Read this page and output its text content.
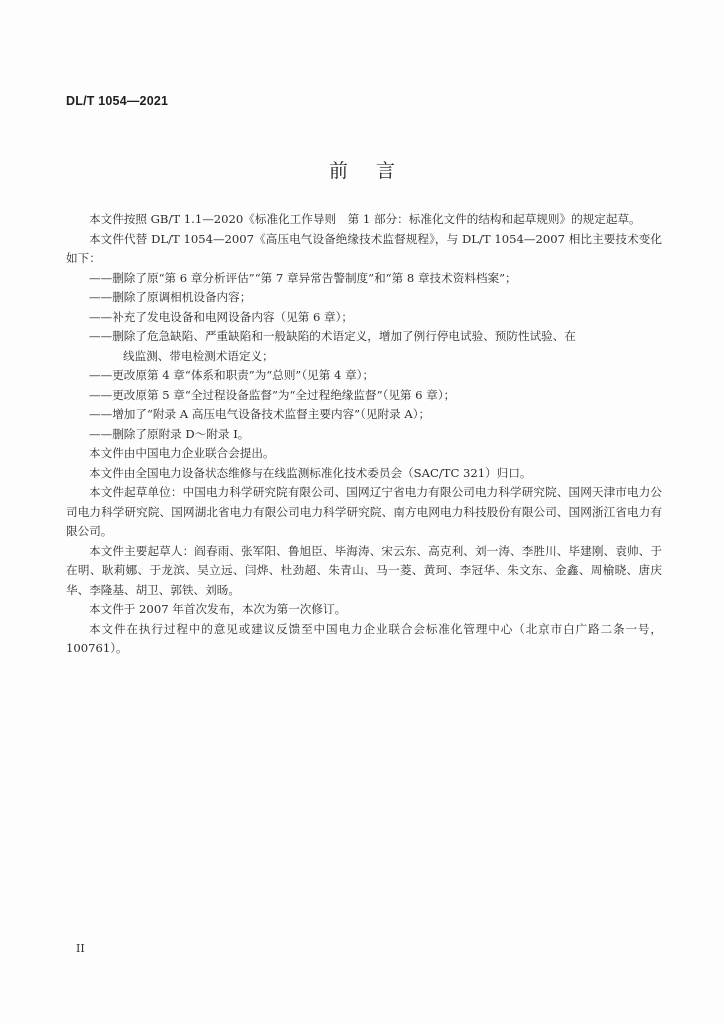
DL/T 1054—2021
前言

本文件按照 GB/T 1.1—2020《标准化工作导则　第 1 部分：标准化文件的结构和起草规则》的规定起草。

本文件代替 DL/T 1054—2007《高压电气设备绝缘技术监督规程》，与 DL/T 1054—2007 相比主要技术变化如下：

——删除了原“第 6 章分析评估”“第 7 章异常告警制度”和“第 8 章技术资料档案”；

——删除了原调相机设备内容；

——补充了发电设备和电网设备内容（见第 6 章）；

——删除了危急缺陷、严重缺陷和一般缺陷的术语定义，增加了例行停电试验、预防性试验、在
线监测、带电检测术语定义；

——更改原第 4 章“体系和职责”为“总则”（见第 4 章）；

——更改原第 5 章“全过程设备监督”为“全过程绝缘监督”（见第 6 章）；

——增加了“附录 A 高压电气设备技术监督主要内容”（见附录 A）；

——删除了原附录 D～附录 I。

本文件由中国电力企业联合会提出。

本文件由全国电力设备状态维修与在线监测标准化技术委员会（SAC/TC 321）归口。

本文件起草单位：中国电力科学研究院有限公司、国网辽宁省电力有限公司电力科学研究院、国网天津市电力公司电力科学研究院、国网湖北省电力有限公司电力科学研究院、南方电网电力科技股份有限公司、国网浙江省电力有限公司。

本文件主要起草人：阎春雨、张军阳、鲁旭臣、毕海涛、宋云东、高克利、刘一涛、李胜川、毕建刚、袁帅、于在明、耿莉娜、于龙滨、吴立远、闫烨、杜劲超、朱青山、马一菱、黄珂、李冠华、朱文东、金鑫、周榆晓、唐庆华、李隆基、胡卫、郭铁、刘旸。

本文件于 2007 年首次发布，本次为第一次修订。

本文件在执行过程中的意见或建议反馈至中国电力企业联合会标准化管理中心（北京市白广路二条一号，100761）。

II
